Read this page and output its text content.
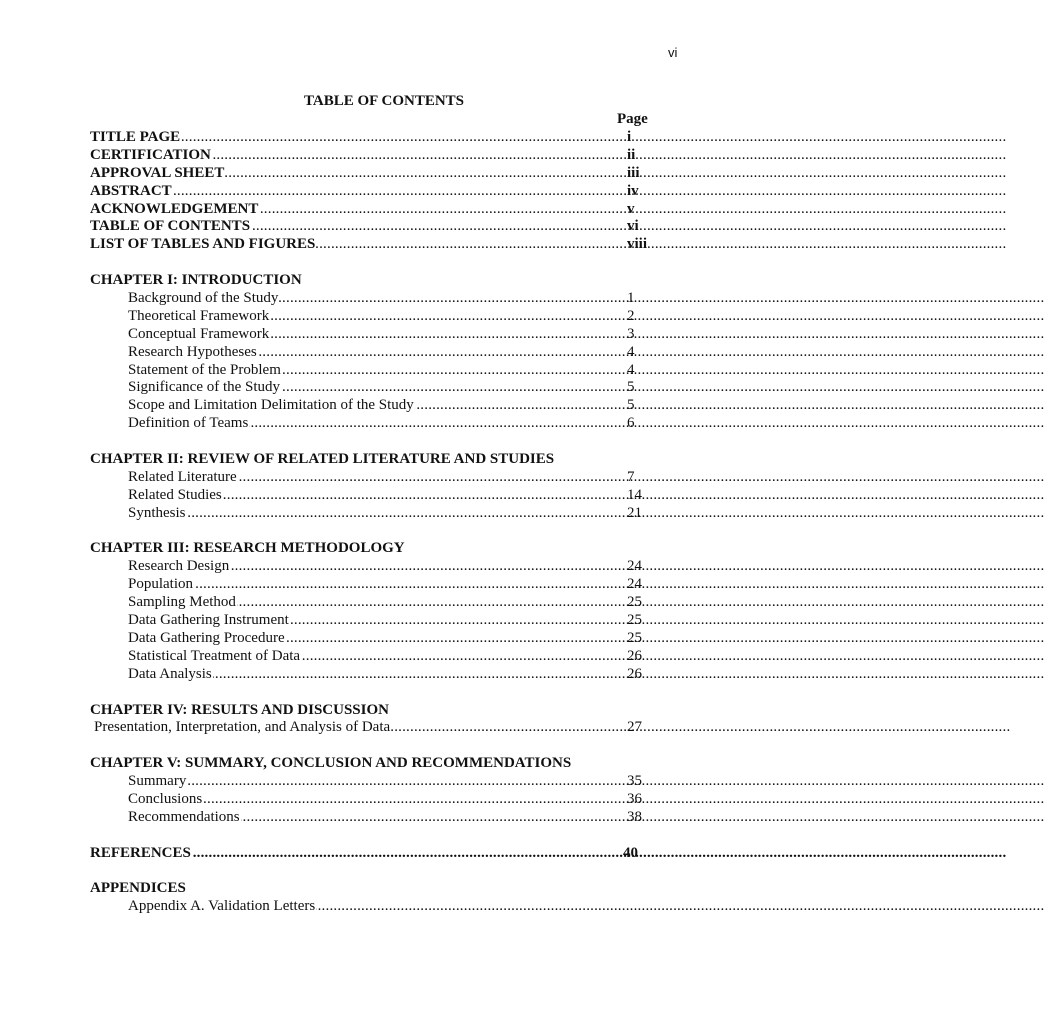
vi
TABLE OF CONTENTS
Page
TITLE PAGE	i
.....
CERTIFICATION	ii
.....
APPROVAL SHEET	iii
.....
ABSTRACT	iv
.....
ACKNOWLEDGEMENT	v
.....
TABLE OF CONTENTS	vi
.....
LIST OF TABLES AND FIGURES	viii
.....
CHAPTER I: INTRODUCTION
Background of the Study	1
.....
Theoretical Framework	2
.....
Conceptual Framework	3
.....
Research Hypotheses	4
.....
Statement of the Problem	4
.....
Significance of the Study	5
.....
Scope and Limitation Delimitation of the Study	5
.....
Definition of Teams	6
.....
CHAPTER II: REVIEW OF RELATED LITERATURE AND STUDIES
Related Literature	7
.....
Related Studies	14
.....
Synthesis	21
.....
CHAPTER III: RESEARCH METHODOLOGY
Research Design	24
.....
Population	24
.....
Sampling Method	25
.....
Data Gathering Instrument	25
.....
Data Gathering Procedure	25
.....
Statistical Treatment of Data	26
.....
Data Analysis	26
.....
CHAPTER IV: RESULTS AND DISCUSSION
Presentation, Interpretation, and Analysis of Data	27
.....
CHAPTER V: SUMMARY, CONCLUSION AND RECOMMENDATIONS
Summary	35
.....
Conclusions	36
.....
Recommendations	38
.....
REFERENCES	40
.....
APPENDICES
Appendix A. Validation Letters
.....
